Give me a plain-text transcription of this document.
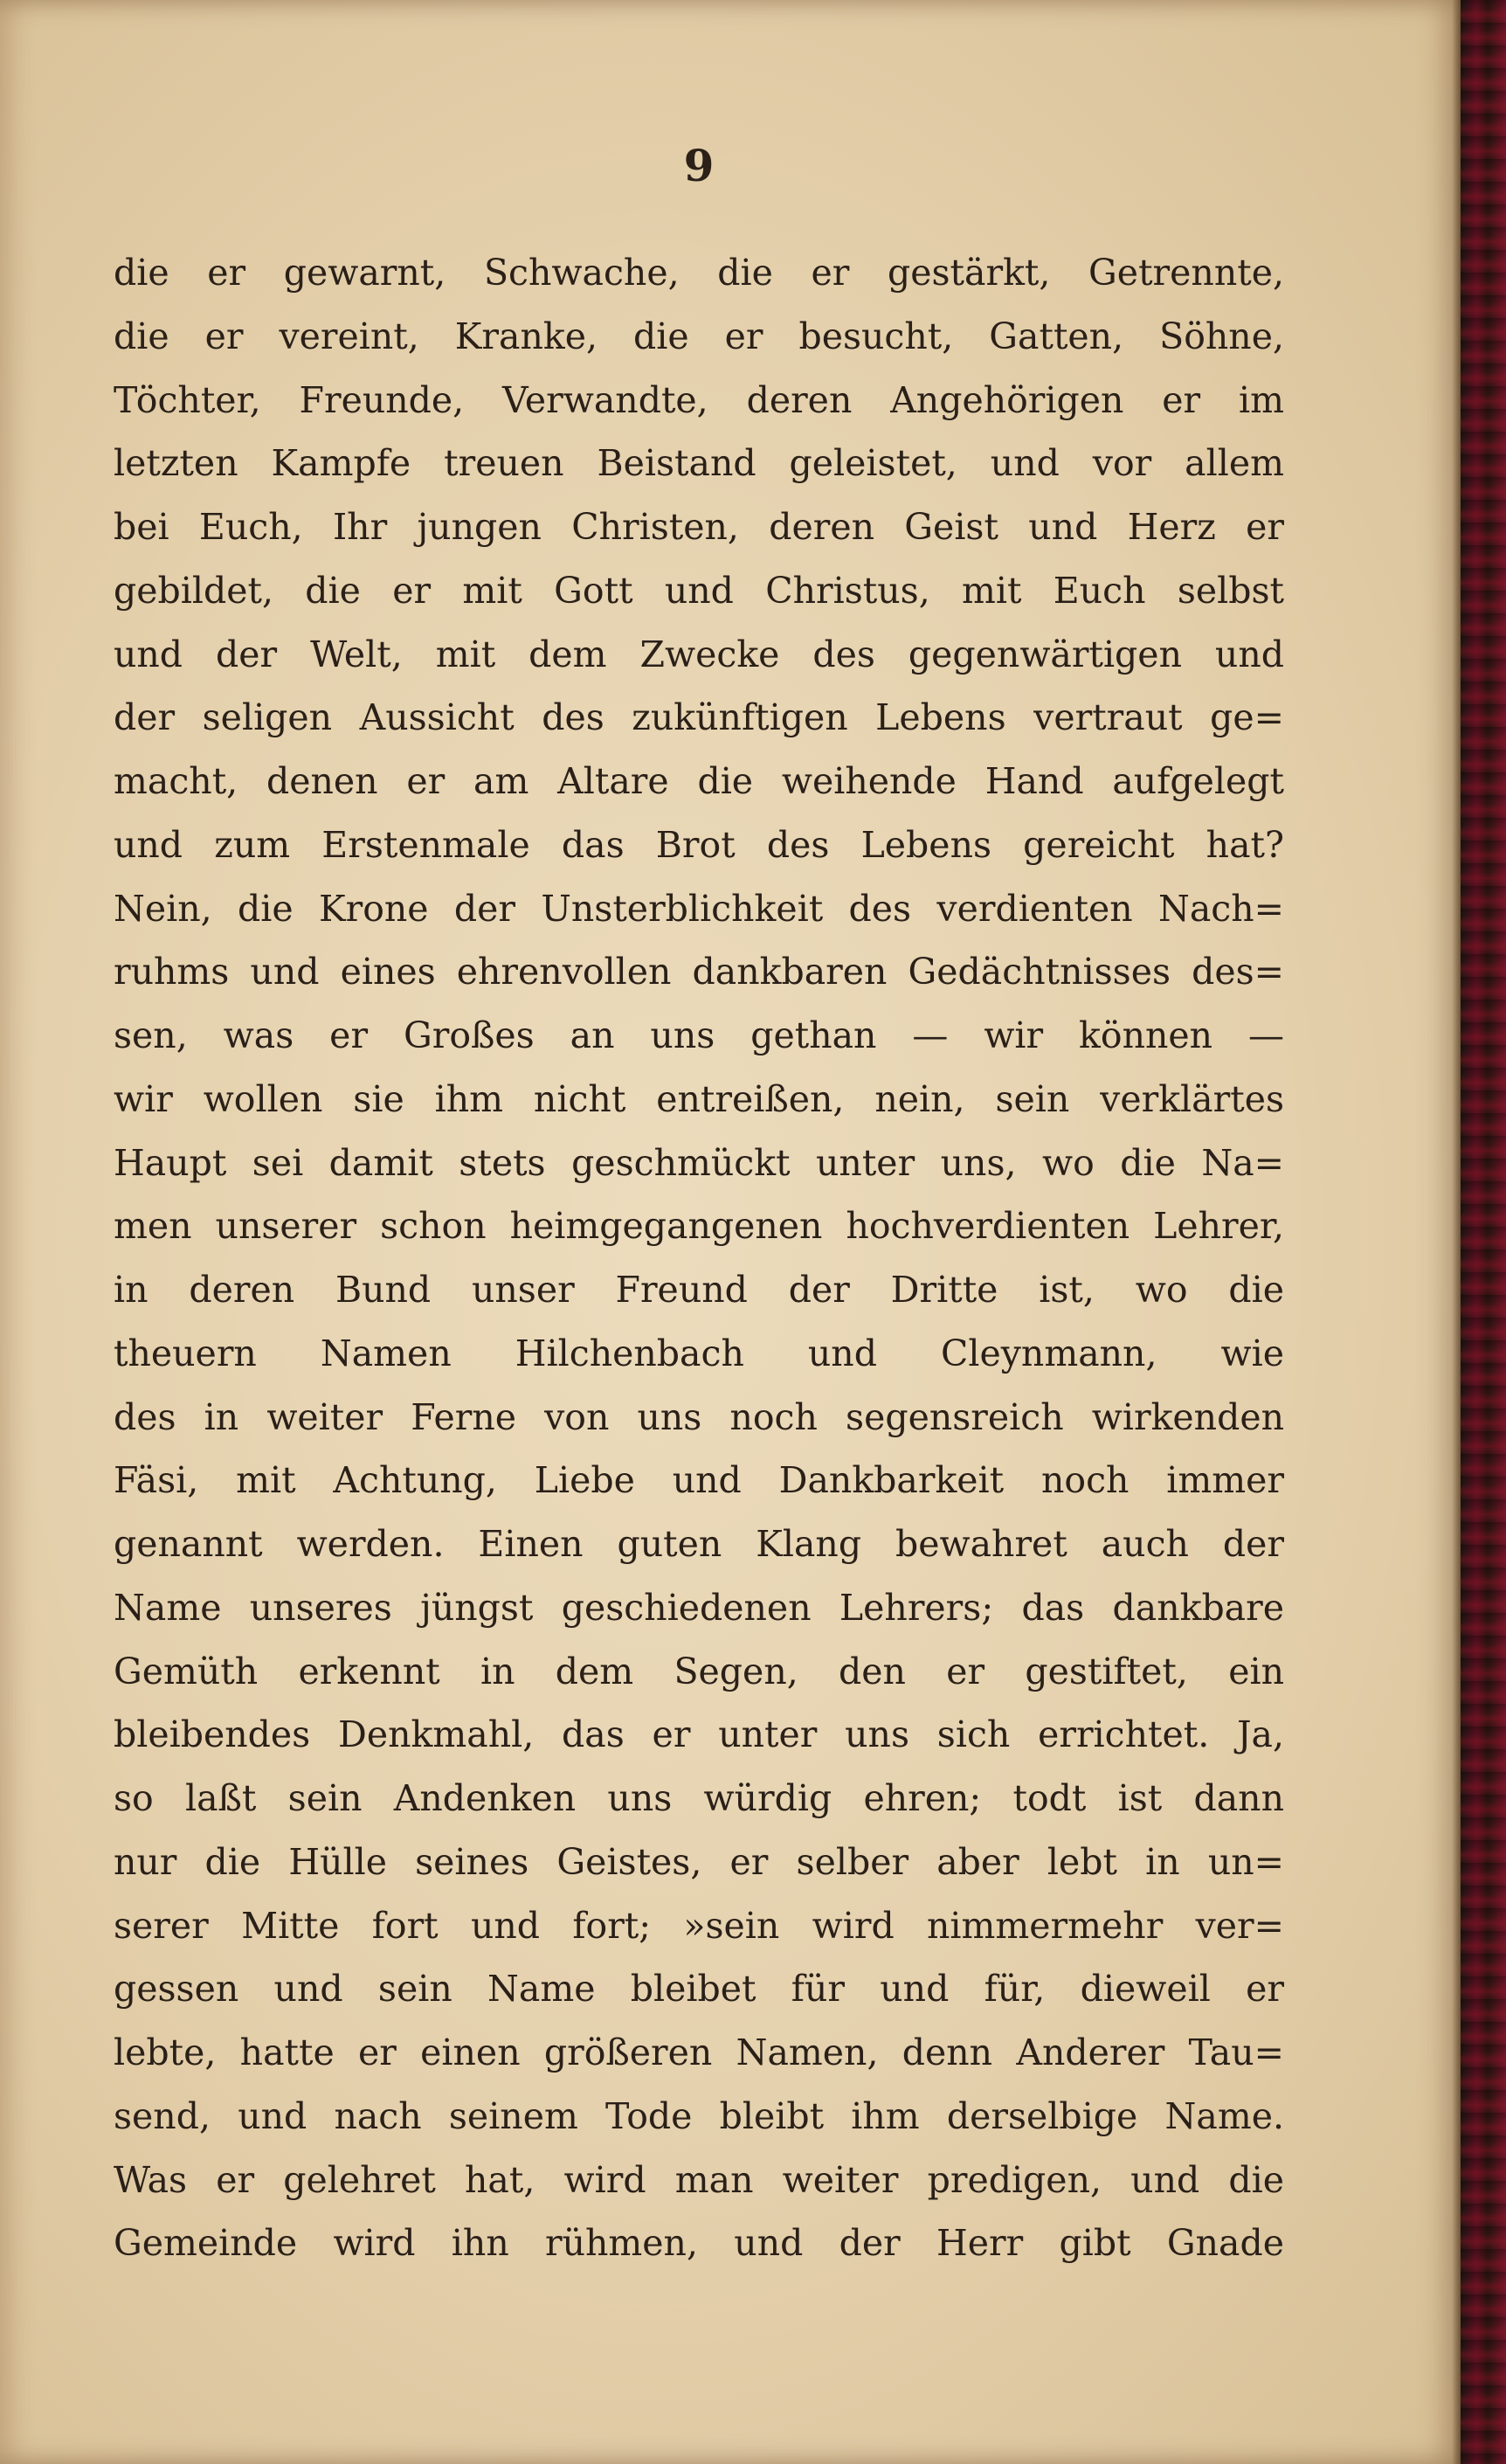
9
die er gewarnt, Schwache, die er gestärkt, Getrennte,
die er vereint, Kranke, die er besucht, Gatten, Söhne,
Töchter, Freunde, Verwandte, deren Angehörigen er im
letzten Kampfe treuen Beistand geleistet, und vor allem
bei Euch, Ihr jungen Christen, deren Geist und Herz er
gebildet, die er mit Gott und Christus, mit Euch selbst
und der Welt, mit dem Zwecke des gegenwärtigen und
der seligen Aussicht des zukünftigen Lebens vertraut ge=
macht, denen er am Altare die weihende Hand aufgelegt
und zum Erstenmale das Brot des Lebens gereicht hat?
Nein, die Krone der Unsterblichkeit des verdienten Nach=
ruhms und eines ehrenvollen dankbaren Gedächtnisses des=
sen, was er Großes an uns gethan — wir können —
wir wollen sie ihm nicht entreißen, nein, sein verklärtes
Haupt sei damit stets geschmückt unter uns, wo die Na=
men unserer schon heimgegangenen hochverdienten Lehrer,
in deren Bund unser Freund der Dritte ist, wo die
theuern Namen Hilchenbach und Cleynmann, wie
des in weiter Ferne von uns noch segensreich wirkenden
Fäsi, mit Achtung, Liebe und Dankbarkeit noch immer
genannt werden. Einen guten Klang bewahret auch der
Name unseres jüngst geschiedenen Lehrers; das dankbare
Gemüth erkennt in dem Segen, den er gestiftet, ein
bleibendes Denkmahl, das er unter uns sich errichtet. Ja,
so laßt sein Andenken uns würdig ehren; todt ist dann
nur die Hülle seines Geistes, er selber aber lebt in un=
serer Mitte fort und fort; »sein wird nimmermehr ver=
gessen und sein Name bleibet für und für, dieweil er
lebte, hatte er einen größeren Namen, denn Anderer Tau=
send, und nach seinem Tode bleibt ihm derselbige Name.
Was er gelehret hat, wird man weiter predigen, und die
Gemeinde wird ihn rühmen, und der Herr gibt Gnade
